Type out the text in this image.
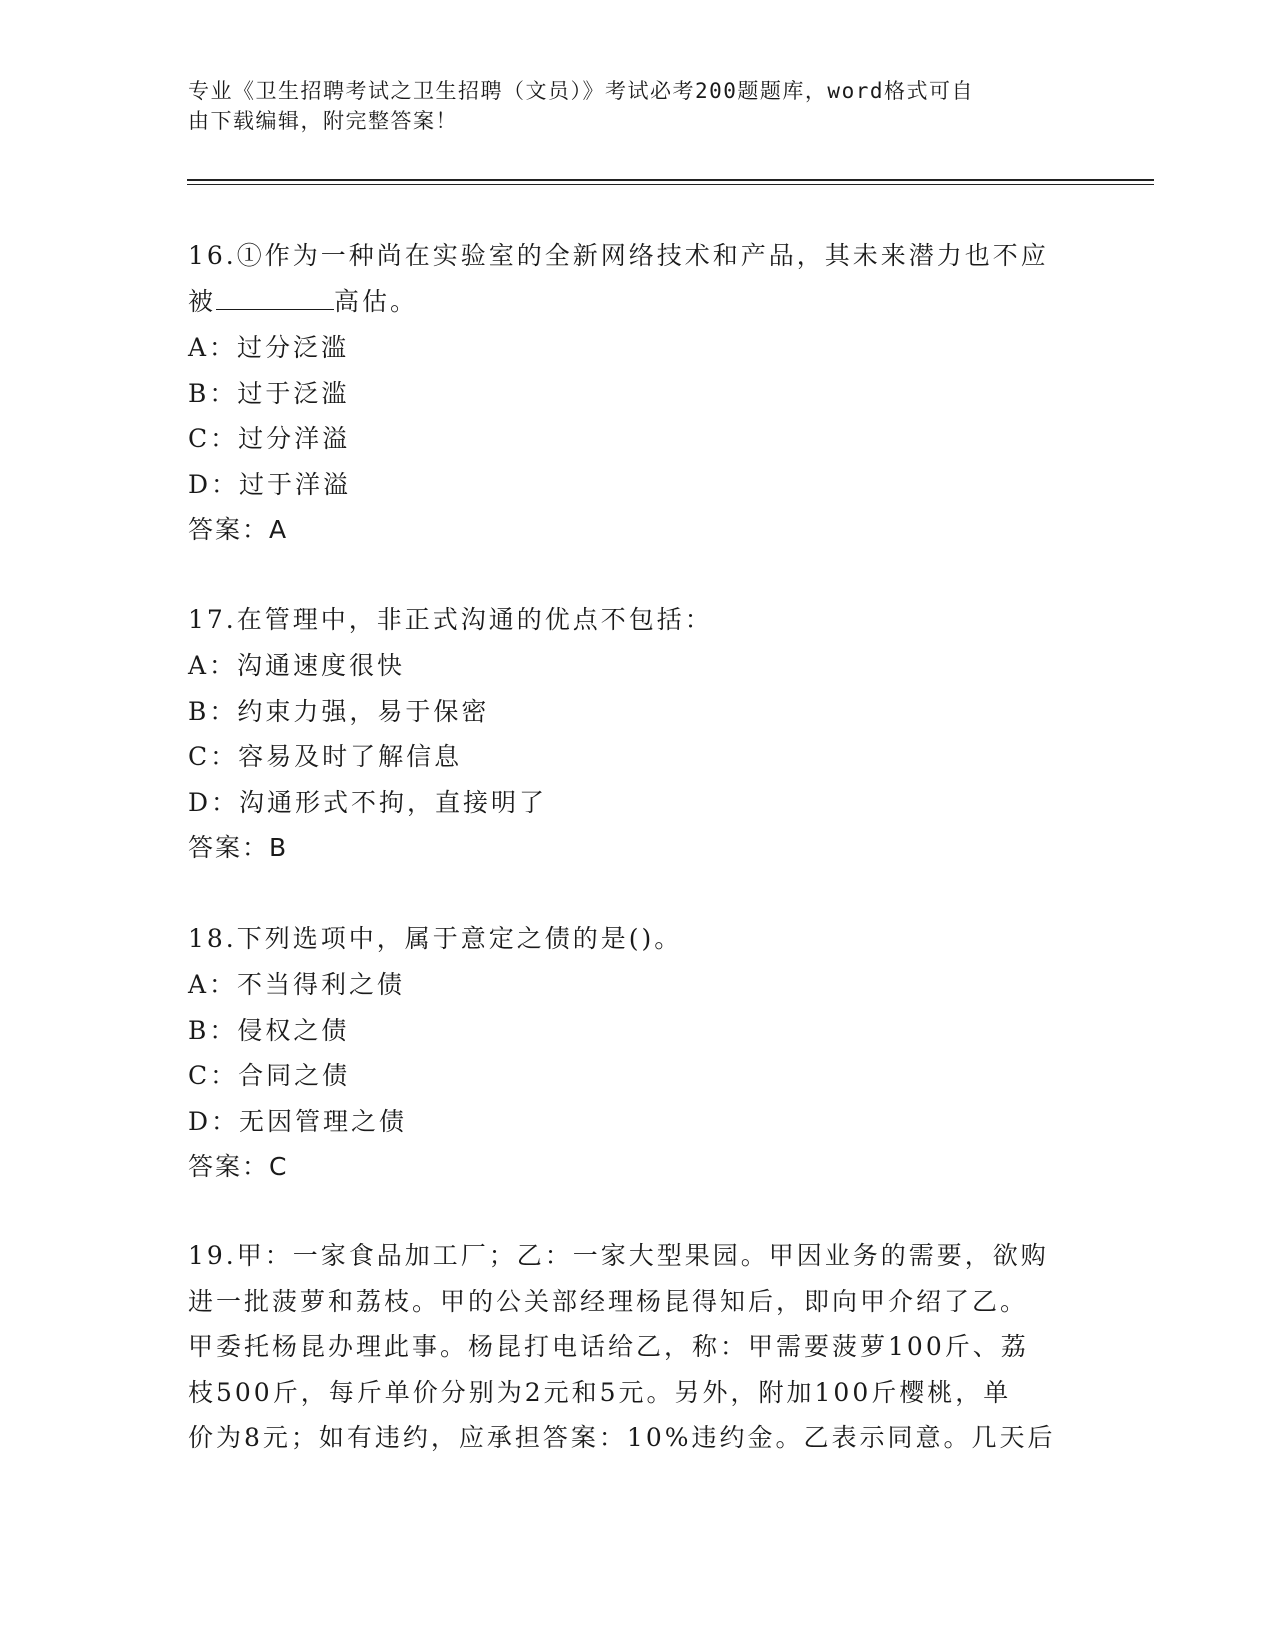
专业《卫生招聘考试之卫生招聘（文员）》考试必考200题题库，word格式可自
由下载编辑，附完整答案！
16.①作为一种尚在实验室的全新网络技术和产品，其未来潜力也不应
被	高估。
A：过分泛滥
B：过于泛滥
C：过分洋溢
D：过于洋溢
答案：A
17.在管理中，非正式沟通的优点不包括：
A：沟通速度很快
B：约束力强，易于保密
C：容易及时了解信息
D：沟通形式不拘，直接明了
答案：B
18.下列选项中，属于意定之债的是()。
A：不当得利之债
B：侵权之债
C：合同之债
D：无因管理之债
答案：C
19.甲：一家食品加工厂；乙：一家大型果园。甲因业务的需要，欲购
进一批菠萝和荔枝。甲的公关部经理杨昆得知后，即向甲介绍了乙。
甲委托杨昆办理此事。杨昆打电话给乙，称：甲需要菠萝100斤、荔
枝500斤，每斤单价分别为2元和5元。另外，附加100斤樱桃，单
价为8元；如有违约，应承担答案：10%违约金。乙表示同意。几天后
